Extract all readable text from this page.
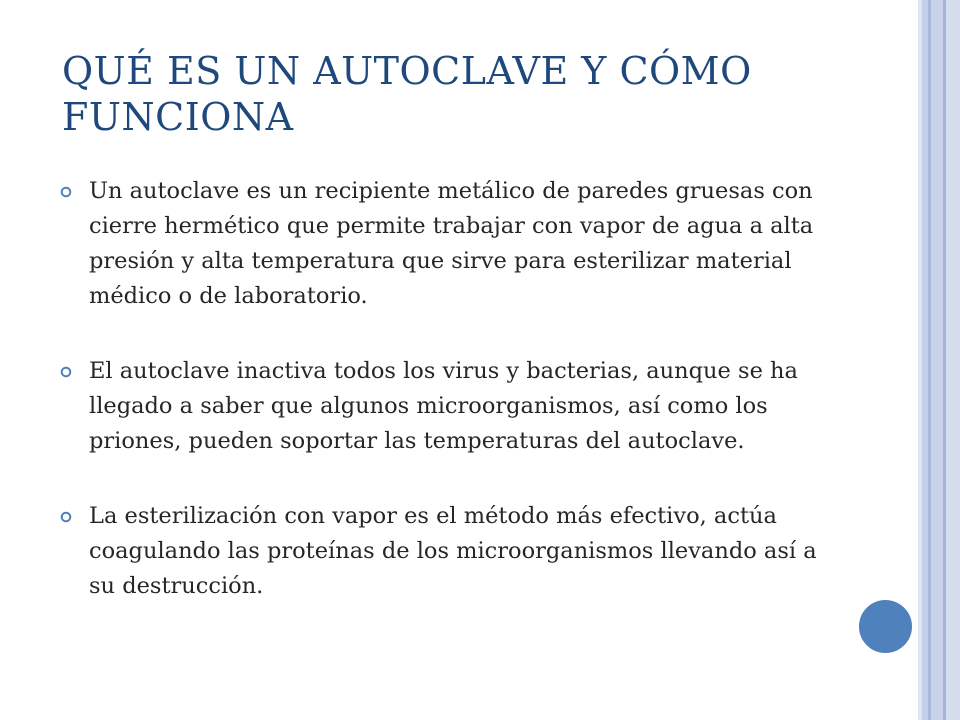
QUÉ ES UN AUTOCLAVE Y CÓMO FUNCIONA
Un autoclave es un recipiente metálico de paredes gruesas con cierre hermético que permite trabajar con vapor de agua a alta presión y alta temperatura que sirve para esterilizar material médico o de laboratorio.
El autoclave inactiva todos los virus y bacterias, aunque se ha llegado a saber que algunos microorganismos, así como los priones, pueden soportar las temperaturas del autoclave.
La esterilización con vapor es el método más efectivo, actúa coagulando las proteínas de los microorganismos llevando así a su destrucción.
